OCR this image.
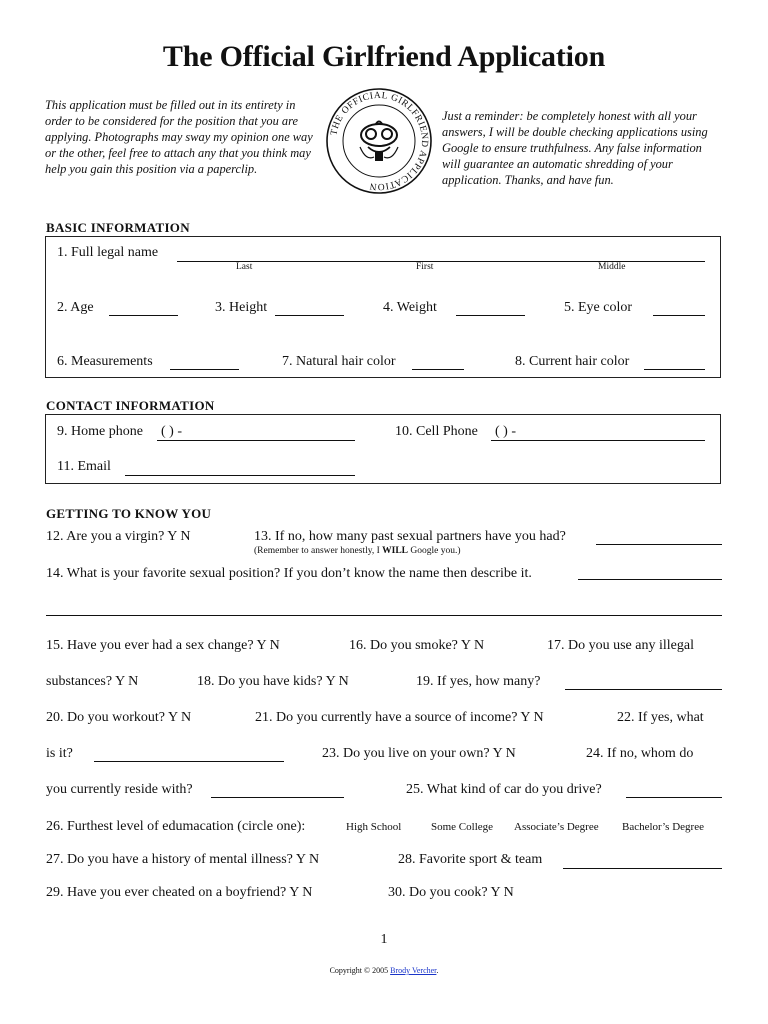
The Official Girlfriend Application
This application must be filled out in its entirety in order to be considered for the position that you are applying. Photographs may sway my opinion one way or the other, feel free to attach any that you think may help you gain this position via a paperclip.
Just a reminder: be completely honest with all your answers, I will be double checking applications using Google to ensure truthfulness. Any false information will guarantee an automatic shredding of your application. Thanks, and have fun.
THE OFFICIAL GIRLFRIEND APPLICATION
BASIC INFORMATION
1. Full legal name
Last	First	Middle
2. Age	3. Height	4. Weight	5. Eye color
6. Measurements	7. Natural hair color	8. Current hair color
CONTACT INFORMATION
9. Home phone ( ) -	10. Cell Phone ( ) -
11. Email
GETTING TO KNOW YOU
12. Are you a virgin? Y N	13. If no, how many past sexual partners have you had?
(Remember to answer honestly, I WILL Google you.)
14. What is your favorite sexual position? If you don’t know the name then describe it.
15. Have you ever had a sex change? Y N	16. Do you smoke? Y N	17. Do you use any illegal
substances? Y N	18. Do you have kids? Y N	19. If yes, how many?
20. Do you workout? Y N	21. Do you currently have a source of income? Y N	22. If yes, what
is it?	23. Do you live on your own? Y N	24. If no, whom do
you currently reside with?	25. What kind of car do you drive?
26. Furthest level of edumacation (circle one):	High School	Some College Associate’s Degree Bachelor’s Degree
27. Do you have a history of mental illness? Y N	28. Favorite sport & team
29. Have you ever cheated on a boyfriend? Y N	30. Do you cook? Y N
1
Copyright © 2005 Brody Vercher.
